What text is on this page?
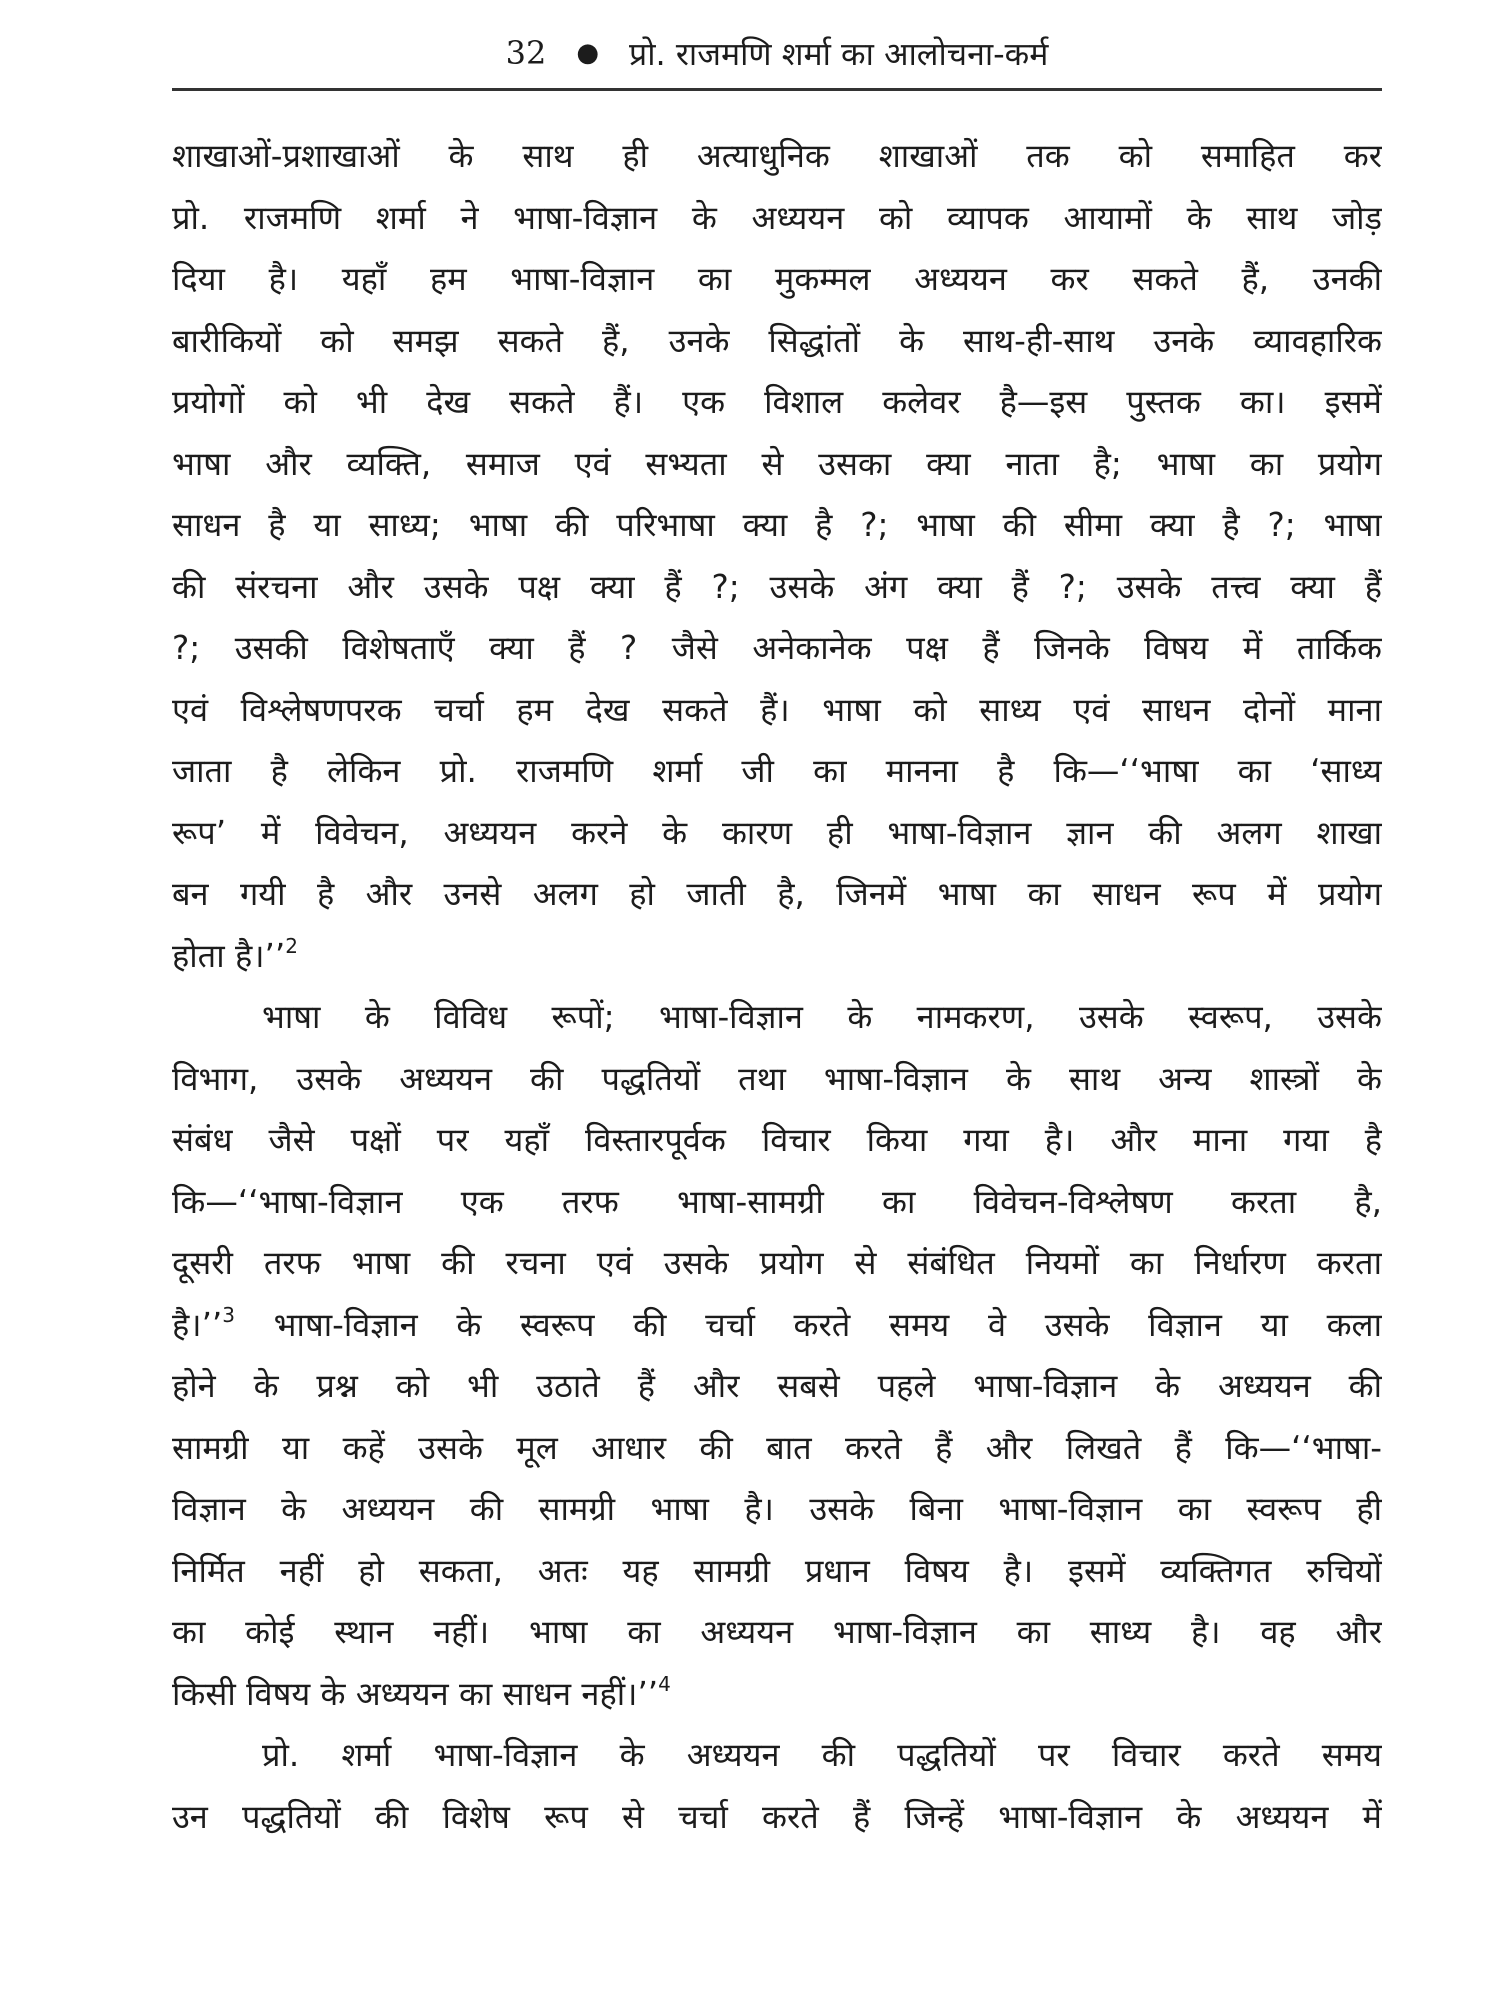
32 ● प्रो. राजमणि शर्मा का आलोचना-कर्म
शाखाओं-प्रशाखाओं के साथ ही अत्याधुनिक शाखाओं तक को समाहित कर
प्रो. राजमणि शर्मा ने भाषा-विज्ञान के अध्ययन को व्यापक आयामों के साथ जोड़
दिया है। यहाँ हम भाषा-विज्ञान का मुकम्मल अध्ययन कर सकते हैं, उनकी
बारीकियों को समझ सकते हैं, उनके सिद्धांतों के साथ-ही-साथ उनके व्यावहारिक
प्रयोगों को भी देख सकते हैं। एक विशाल कलेवर है—इस पुस्तक का। इसमें
भाषा और व्यक्ति, समाज एवं सभ्यता से उसका क्या नाता है; भाषा का प्रयोग
साधन है या साध्य; भाषा की परिभाषा क्या है ?; भाषा की सीमा क्या है ?; भाषा
की संरचना और उसके पक्ष क्या हैं ?; उसके अंग क्या हैं ?; उसके तत्त्व क्या हैं
?; उसकी विशेषताएँ क्या हैं ? जैसे अनेकानेक पक्ष हैं जिनके विषय में तार्किक
एवं विश्लेषणपरक चर्चा हम देख सकते हैं। भाषा को साध्य एवं साधन दोनों माना
जाता है लेकिन प्रो. राजमणि शर्मा जी का मानना है कि—‘‘भाषा का ‘साध्य
रूप’ में विवेचन, अध्ययन करने के कारण ही भाषा-विज्ञान ज्ञान की अलग शाखा
बन गयी है और उनसे अलग हो जाती है, जिनमें भाषा का साधन रूप में प्रयोग
होता है।’’$^2$
भाषा के विविध रूपों; भाषा-विज्ञान के नामकरण, उसके स्वरूप, उसके
विभाग, उसके अध्ययन की पद्धतियों तथा भाषा-विज्ञान के साथ अन्य शास्त्रों के
संबंध जैसे पक्षों पर यहाँ विस्तारपूर्वक विचार किया गया है। और माना गया है
कि—‘‘भाषा-विज्ञान एक तरफ भाषा-सामग्री का विवेचन-विश्लेषण करता है,
दूसरी तरफ भाषा की रचना एवं उसके प्रयोग से संबंधित नियमों का निर्धारण करता
है।’’$^3$ भाषा-विज्ञान के स्वरूप की चर्चा करते समय वे उसके विज्ञान या कला
होने के प्रश्न को भी उठाते हैं और सबसे पहले भाषा-विज्ञान के अध्ययन की
सामग्री या कहें उसके मूल आधार की बात करते हैं और लिखते हैं कि—‘‘भाषा-
विज्ञान के अध्ययन की सामग्री भाषा है। उसके बिना भाषा-विज्ञान का स्वरूप ही
निर्मित नहीं हो सकता, अतः यह सामग्री प्रधान विषय है। इसमें व्यक्तिगत रुचियों
का कोई स्थान नहीं। भाषा का अध्ययन भाषा-विज्ञान का साध्य है। वह और
किसी विषय के अध्ययन का साधन नहीं।’’$^4$
प्रो. शर्मा भाषा-विज्ञान के अध्ययन की पद्धतियों पर विचार करते समय
उन पद्धतियों की विशेष रूप से चर्चा करते हैं जिन्हें भाषा-विज्ञान के अध्ययन में
